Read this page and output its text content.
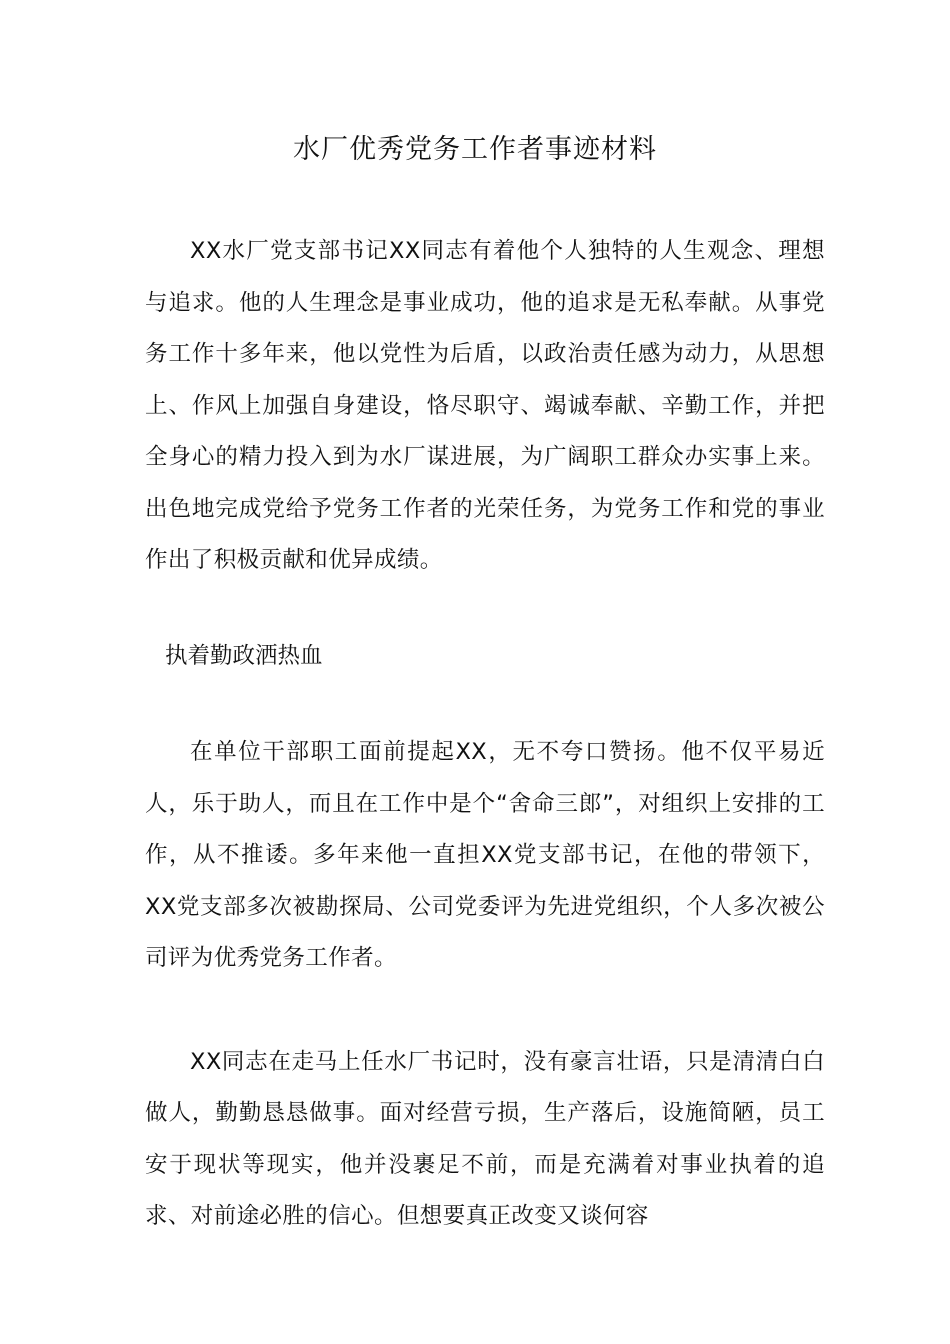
水厂优秀党务工作者事迹材料

XX水厂党支部书记XX同志有着他个人独特的人生观念、理想与追求。他的人生理念是事业成功，他的追求是无私奉献。从事党务工作十多年来，他以党性为后盾，以政治责任感为动力，从思想上、作风上加强自身建设，恪尽职守、竭诚奉献、辛勤工作，并把全身心的精力投入到为水厂谋进展，为广阔职工群众办实事上来。出色地完成党给予党务工作者的光荣任务，为党务工作和党的事业作出了积极贡献和优异成绩。

执着勤政洒热血

在单位干部职工面前提起XX，无不夸口赞扬。他不仅平易近人，乐于助人，而且在工作中是个“舍命三郎”，对组织上安排的工作，从不推诿。多年来他一直担XX党支部书记，在他的带领下，XX党支部多次被勘探局、公司党委评为先进党组织，个人多次被公司评为优秀党务工作者。

XX同志在走马上任水厂书记时，没有豪言壮语，只是清清白白做人，勤勤恳恳做事。面对经营亏损，生产落后，设施简陋，员工安于现状等现实，他并没裹足不前，而是充满着对事业执着的追求、对前途必胜的信心。但想要真正改变又谈何容
